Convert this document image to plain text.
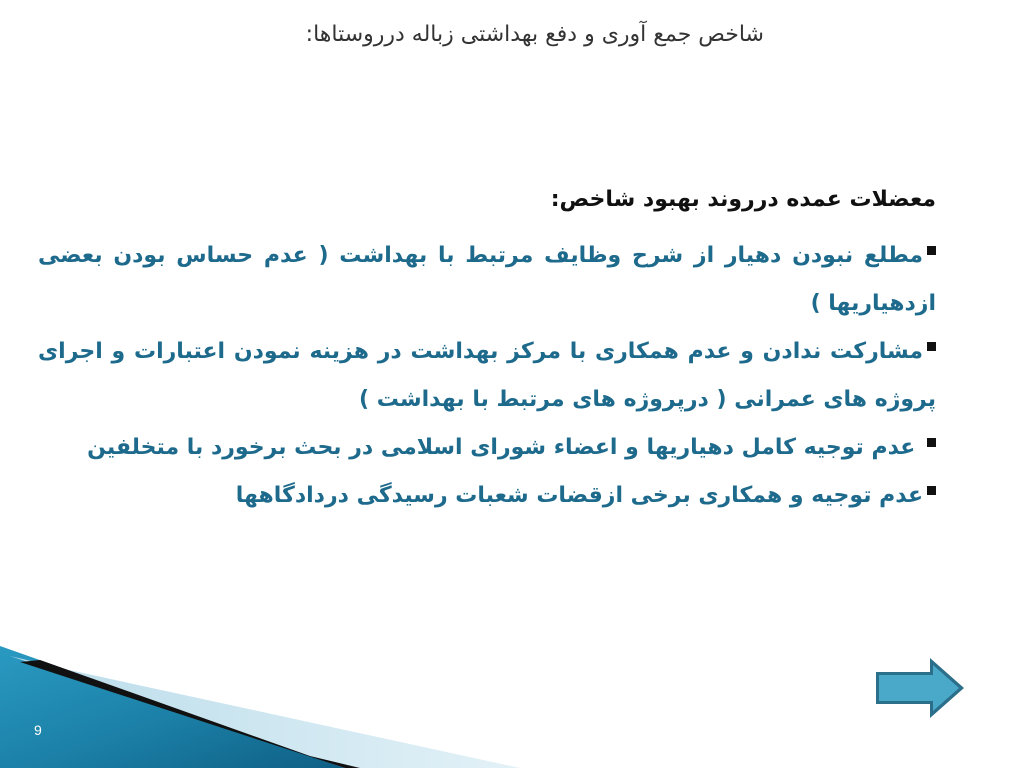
شاخص جمع آوری و دفع بهداشتی زباله درروستاها:
معضلات عمده درروند بهبود شاخص:
مطلع نبودن دهیار از شرح وظایف مرتبط با بهداشت ( عدم حساس بودن بعضی ازدهیاریها )
مشارکت ندادن و عدم همکاری با مرکز بهداشت در هزینه نمودن اعتبارات و اجرای پروژه های عمرانی ( درپروژه های مرتبط با بهداشت )
عدم توجیه کامل دهیاریها و اعضاء شورای اسلامی در بحث برخورد با متخلفین
عدم توجیه و همکاری برخی ازقضات شعبات رسیدگی دردادگاهها
9
